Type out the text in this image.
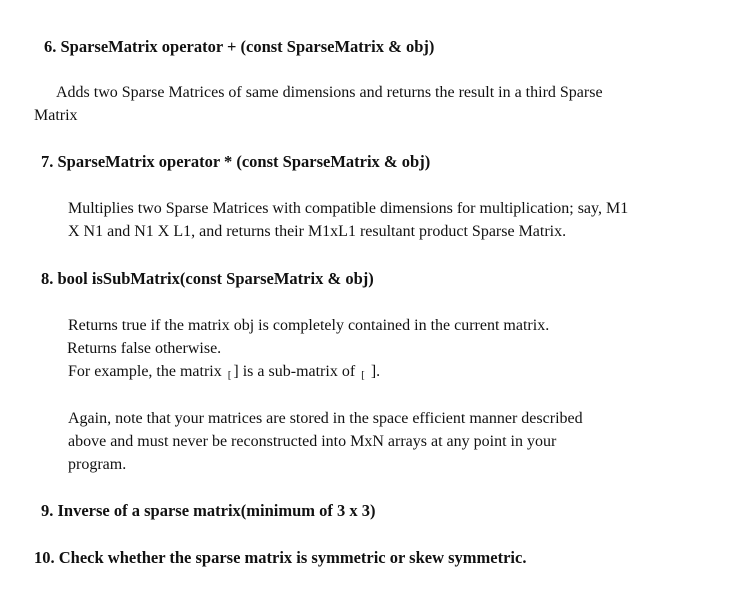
6. SparseMatrix operator + (const SparseMatrix & obj)
Adds two Sparse Matrices of same dimensions and returns the result in a third Sparse
Matrix
7. SparseMatrix operator * (const SparseMatrix & obj)
Multiplies two Sparse Matrices with compatible dimensions for multiplication; say, M1
X N1 and N1 X L1, and returns their M1xL1 resultant product Sparse Matrix.
8. bool isSubMatrix(const SparseMatrix & obj)
Returns true if the matrix obj is completely contained in the current matrix.
Returns false otherwise.
For example, the matrix [ ] is a sub-matrix of [ ].
Again, note that your matrices are stored in the space efficient manner described
above and must never be reconstructed into MxN arrays at any point in your
program.
9. Inverse of a sparse matrix(minimum of 3 x 3)
10. Check whether the sparse matrix is symmetric or skew symmetric.
